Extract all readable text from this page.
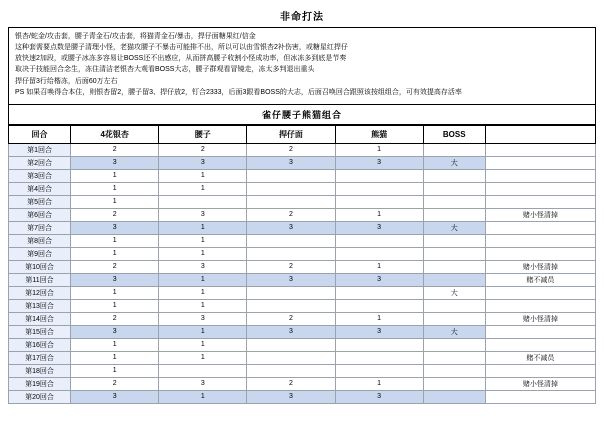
非命打法

银杏/蛇金/攻击套，腰子青金石/攻击套，将猫青金石/暴击，捍仔面糖果红/信金

这种套需要点数是腰子清理小怪，老猫攻腰子不暴击可能排不出，所以可以由雪银杏2补伤害，或糖星红捍仔

放快速2加段，或腰子冰冻多容易让BOSS还不出感应，从而拼高腰子收割小怪成功率，但冰冻多到底是节奏

取决于技能回合念生，冻住清洁老银杏大观看BOSS大志，腰子群观看冒镜走，冻太多判退出重头

捍仔留3行给楷冻，后面60万左右

PS 如果召唤得合本住，则银杏留2，腰子留3、捍仔放2，钉合2333，后面3跟看BOSS的大志，后面召唤回合跟照该按组组合，可有效提高存活率

雀仔腰子熊猫组合
回合	4花银杏	腰子	捍仔面	熊猫	BOSS	
第1回合	2	2	2	1		
第2回合	3	3	3	3	大	
第3回合	1	1				
第4回合	1	1				
第5回合	1					
第6回合	2	3	2	1		赌小怪清掉
第7回合	3	1	3	3	大	
第8回合	1	1				
第9回合	1	1				
第10回合	2	3	2	1		赌小怪清掉
第11回合	3	1	3	3		赌不减员
第12回合	1	1			大	
第13回合	1	1				
第14回合	2	3	2	1		赌小怪清掉
第15回合	3	1	3	3	大	
第16回合	1	1				
第17回合	1	1				赌不减员
第18回合	1					
第19回合	2	3	2	1		赌小怪清掉
第20回合	3	1	3	3		
